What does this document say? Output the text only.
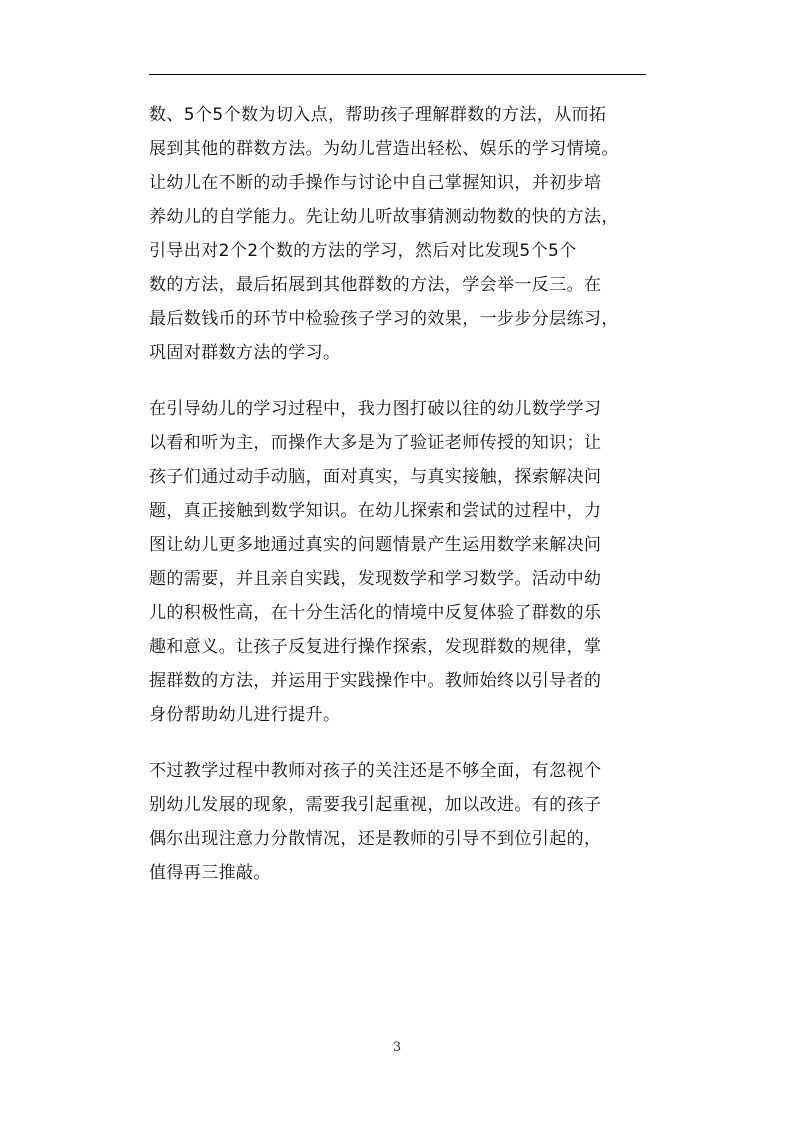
数、5个5个数为切入点，帮助孩子理解群数的方法，从而拓
展到其他的群数方法。为幼儿营造出轻松、娱乐的学习情境。
让幼儿在不断的动手操作与讨论中自己掌握知识，并初步培
养幼儿的自学能力。先让幼儿听故事猜测动物数的快的方法，
引导出对2个2个数的方法的学习，然后对比发现5个5个
数的方法，最后拓展到其他群数的方法，学会举一反三。在
最后数钱币的环节中检验孩子学习的效果，一步步分层练习，
巩固对群数方法的学习。
在引导幼儿的学习过程中，我力图打破以往的幼儿数学学习
以看和听为主，而操作大多是为了验证老师传授的知识；让
孩子们通过动手动脑，面对真实，与真实接触，探索解决问
题，真正接触到数学知识。在幼儿探索和尝试的过程中，力
图让幼儿更多地通过真实的问题情景产生运用数学来解决问
题的需要，并且亲自实践，发现数学和学习数学。活动中幼
儿的积极性高，在十分生活化的情境中反复体验了群数的乐
趣和意义。让孩子反复进行操作探索，发现群数的规律，掌
握群数的方法，并运用于实践操作中。教师始终以引导者的
身份帮助幼儿进行提升。
不过教学过程中教师对孩子的关注还是不够全面，有忽视个
别幼儿发展的现象，需要我引起重视，加以改进。有的孩子
偶尔出现注意力分散情况，还是教师的引导不到位引起的，
值得再三推敲。
3
